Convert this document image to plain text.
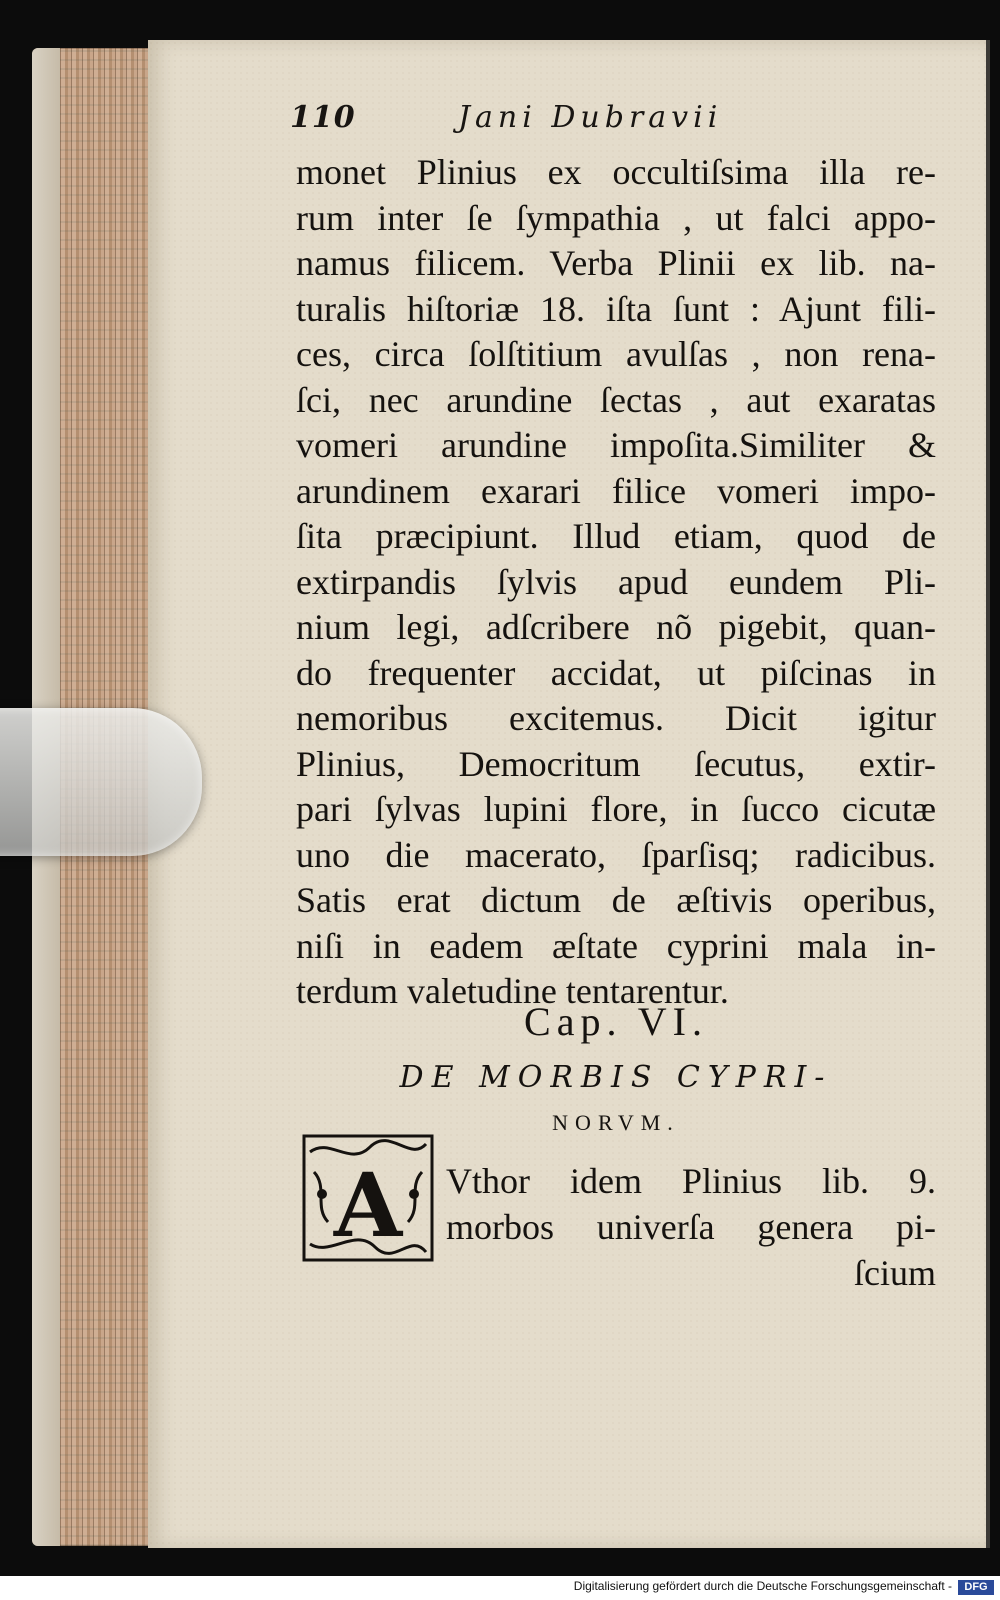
110	Jani Dubravii
monet Plinius ex occultiſsima illa re-
rum inter ſe ſympathia , ut falci appo-
namus filicem. Verba Plinii ex lib. na-
turalis hiſtoriæ 18. iſta ſunt : Ajunt fili-
ces, circa ſolſtitium avulſas , non rena-
ſci, nec arundine ſectas , aut exaratas
vomeri arundine impoſita.Similiter &
arundinem exarari filice vomeri impo-
ſita præcipiunt. Illud etiam, quod de
extirpandis ſylvis apud eundem Pli-
nium legi, adſcribere nõ pigebit, quan-
do frequenter accidat, ut piſcinas in
nemoribus excitemus. Dicit igitur
Plinius, Democritum ſecutus, extir-
pari ſylvas lupini flore, in ſucco cicutæ
uno die macerato, ſparſisq; radicibus.
Satis erat dictum de æſtivis operibus,
niſi in eadem æſtate cyprini mala in-
terdum valetudine tentarentur.
Cap. VI.
DE MORBIS CYPRI-
NORVM.
A Vthor idem Plinius lib. 9.
morbos univerſa genera pi-
ſcium
Digitalisierung gefördert durch die Deutsche Forschungsgemeinschaft -	DFG
